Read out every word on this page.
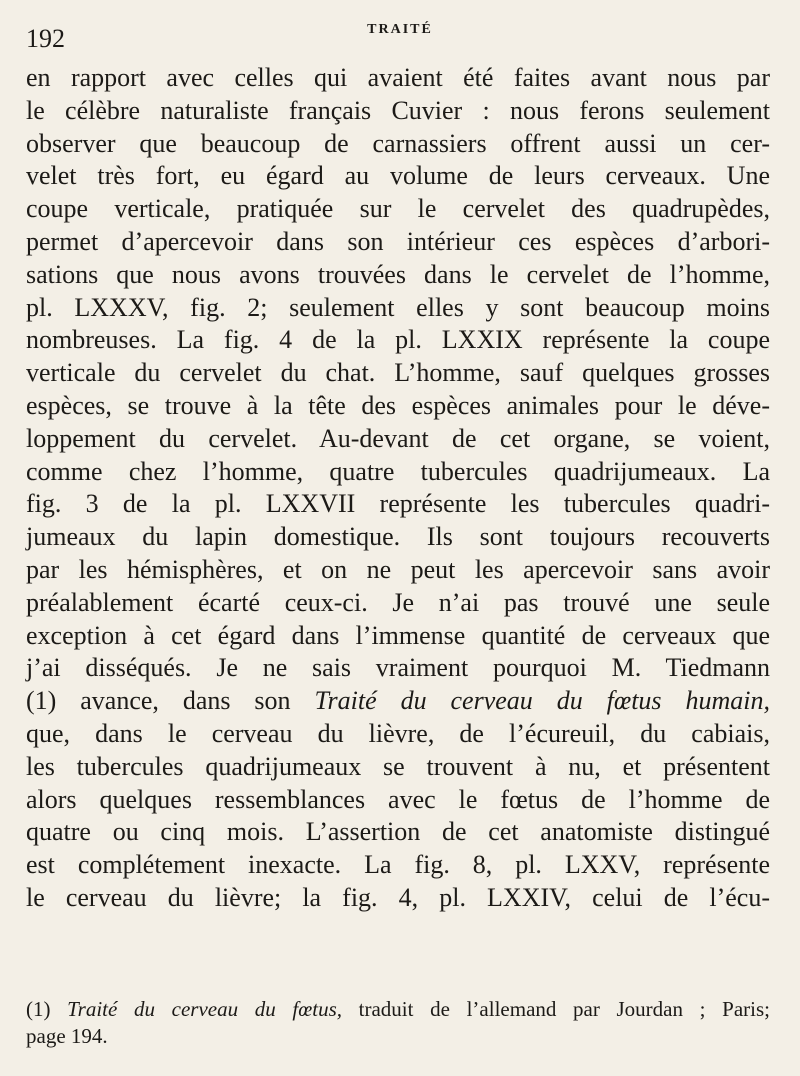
192	TRAITÉ
en rapport avec celles qui avaient été faites avant nous par
le célèbre naturaliste français Cuvier : nous ferons seulement
observer que beaucoup de carnassiers offrent aussi un cer-
velet très fort, eu égard au volume de leurs cerveaux. Une
coupe verticale, pratiquée sur le cervelet des quadrupèdes,
permet d’apercevoir dans son intérieur ces espèces d’arbori-
sations que nous avons trouvées dans le cervelet de l’homme,
pl. LXXXV, fig. 2; seulement elles y sont beaucoup moins
nombreuses. La fig. 4 de la pl. LXXIX représente la coupe
verticale du cervelet du chat. L’homme, sauf quelques grosses
espèces, se trouve à la tête des espèces animales pour le déve-
loppement du cervelet. Au-devant de cet organe, se voient,
comme chez l’homme, quatre tubercules quadrijumeaux. La
fig. 3 de la pl. LXXVII représente les tubercules quadri-
jumeaux du lapin domestique. Ils sont toujours recouverts
par les hémisphères, et on ne peut les apercevoir sans avoir
préalablement écarté ceux-ci. Je n’ai pas trouvé une seule
exception à cet égard dans l’immense quantité de cerveaux que
j’ai disséqués. Je ne sais vraiment pourquoi M. Tiedmann
(1) avance, dans son Traité du cerveau du fœtus humain,
que, dans le cerveau du lièvre, de l’écureuil, du cabiais,
les tubercules quadrijumeaux se trouvent à nu, et présentent
alors quelques ressemblances avec le fœtus de l’homme de
quatre ou cinq mois. L’assertion de cet anatomiste distingué
est complétement inexacte. La fig. 8, pl. LXXV, représente
le cerveau du lièvre; la fig. 4, pl. LXXIV, celui de l’écu-
(1) Traité du cerveau du fœtus, traduit de l’allemand par Jourdan ; Paris;
page 194.
